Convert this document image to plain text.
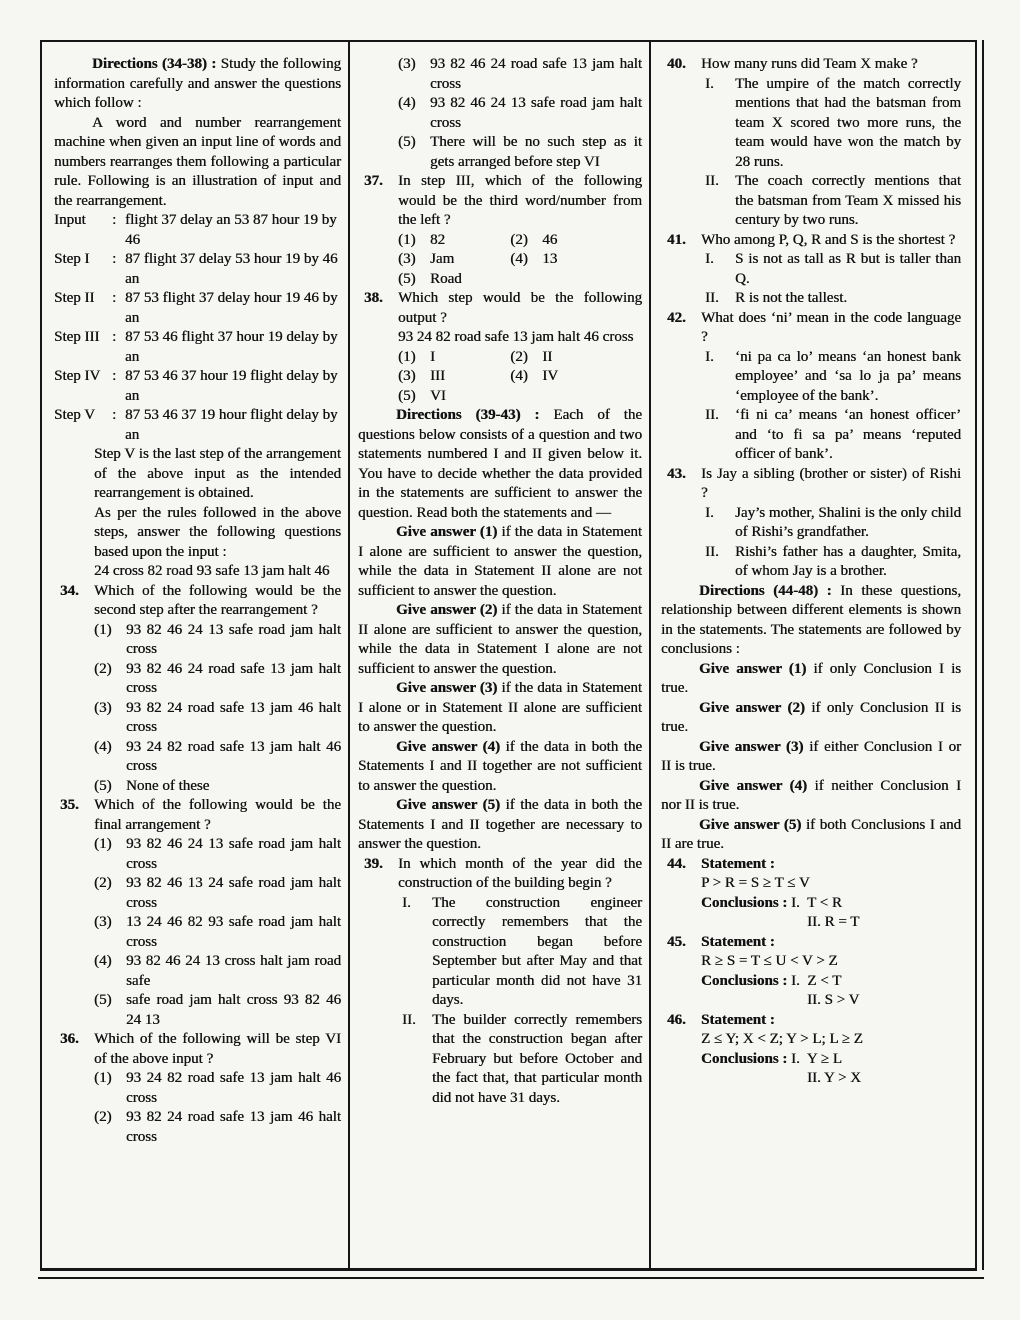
Directions (34-38) : Study the following information carefully and answer the questions which follow :
A word and number rearrangement machine when given an input line of words and numbers rearranges them following a particular rule. Following is an illustration of input and the rearrangement.
Input	: flight 37 delay an 53 87 hour 19 by 46
Step I	: 87 flight 37 delay 53 hour 19 by 46 an
Step II	: 87 53 flight 37 delay hour 19 46 by an
Step III : 87 53 46 flight 37 hour 19 delay by an
Step IV : 87 53 46 37 hour 19 flight delay by an
Step V	: 87 53 46 37 19 hour flight delay by an
Step V is the last step of the arrangement of the above input as the intended rearrangement is obtained.
As per the rules followed in the above steps, answer the following questions based upon the input :
24 cross 82 road 93 safe 13 jam halt 46
34.	Which of the following would be the second step after the rearrangement ?
(1) 93 82 46 24 13 safe road jam halt cross
(2) 93 82 46 24 road safe 13 jam halt cross
(3) 93 82 24 road safe 13 jam 46 halt cross
(4) 93 24 82 road safe 13 jam halt 46 cross
(5) None of these
35.	Which of the following would be the final arrangement ?
(1) 93 82 46 24 13 safe road jam halt cross
(2) 93 82 46 13 24 safe road jam halt cross
(3) 13 24 46 82 93 safe road jam halt cross
(4) 93 82 46 24 13 cross halt jam road safe
(5) safe road jam halt cross 93 82 46 24 13
36.	Which of the following will be step VI of the above input ?
(1) 93 24 82 road safe 13 jam halt 46 cross
(2) 93 82 24 road safe 13 jam 46 halt cross
(3) 93 82 46 24 road safe 13 jam halt cross
(4) 93 82 46 24 13 safe road jam halt cross
(5) There will be no such step as it gets arranged before step VI
37.	In step III, which of the following would be the third word/number from the left ?
(1) 82	(2) 46
(3) Jam	(4) 13
(5) Road
38.	Which step would be the following output ?
93 24 82 road safe 13 jam halt 46 cross
(1) I	(2) II
(3) III	(4) IV
(5) VI
Directions (39-43) : Each of the questions below consists of a question and two statements numbered I and II given below it. You have to decide whether the data provided in the statements are sufficient to answer the question. Read both the statements and —
Give answer (1) if the data in Statement I alone are sufficient to answer the question, while the data in Statement II alone are not sufficient to answer the question.
Give answer (2) if the data in Statement II alone are sufficient to answer the question, while the data in Statement I alone are not sufficient to answer the question.
Give answer (3) if the data in Statement I alone or in Statement II alone are sufficient to answer the question.
Give answer (4) if the data in both the Statements I and II together are not sufficient to answer the question.
Give answer (5) if the data in both the Statements I and II together are necessary to answer the question.
39.	In which month of the year did the construction of the building begin ?
I.	The construction engineer correctly remembers that the construction began before September but after May and that particular month did not have 31 days.
II.	The builder correctly remembers that the construction began after February but before October and the fact that, that particular month did not have 31 days.
40.	How many runs did Team X make ?
I.	The umpire of the match correctly mentions that had the batsman from team X scored two more runs, the team would have won the match by 28 runs.
II.	The coach correctly mentions that the batsman from Team X missed his century by two runs.
41.	Who among P, Q, R and S is the shortest ?
I.	S is not as tall as R but is taller than Q.
II.	R is not the tallest.
42.	What does ‘ni’ mean in the code language ?
I.	‘ni pa ca lo’ means ‘an honest bank employee’ and ‘sa lo ja pa’ means ‘employee of the bank’.
II.	‘fi ni ca’ means ‘an honest officer’ and ‘to fi sa pa’ means ‘reputed officer of bank’.
43.	Is Jay a sibling (brother or sister) of Rishi ?
I.	Jay’s mother, Shalini is the only child of Rishi’s grandfather.
II.	Rishi’s father has a daughter, Smita, of whom Jay is a brother.
Directions (44-48) : In these questions, relationship between different elements is shown in the statements. The statements are followed by conclusions :
Give answer (1) if only Conclusion I is true.
Give answer (2) if only Conclusion II is true.
Give answer (3) if either Conclusion I or II is true.
Give answer (4) if neither Conclusion I nor II is true.
Give answer (5) if both Conclusions I and II are true.
44.	Statement :
P > R = S ≥ T ≤ V
Conclusions : I.  T < R
II. R = T
45.	Statement :
R ≥ S = T ≤ U < V > Z
Conclusions : I.  Z < T
II. S > V
46.	Statement :
Z ≤ Y; X < Z; Y > L; L ≥ Z
Conclusions : I.  Y ≥ L
II. Y > X
